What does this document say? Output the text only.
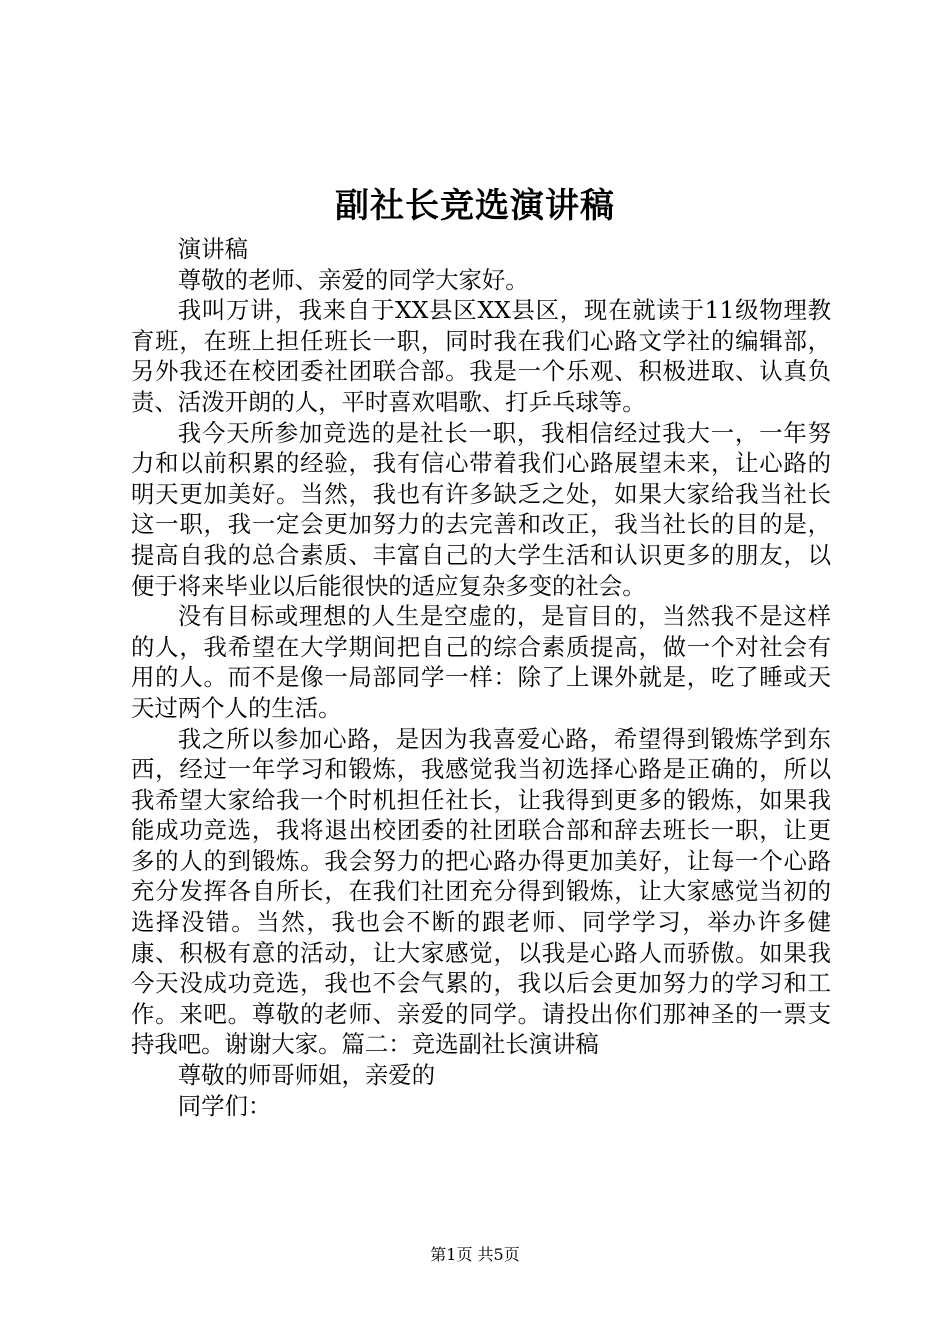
副社长竞选演讲稿

演讲稿

尊敬的老师、亲爱的同学大家好。

我叫万讲，我来自于XX县区XX县区，现在就读于11级物理教育班，在班上担任班长一职，同时我在我们心路文学社的编辑部，另外我还在校团委社团联合部。我是一个乐观、积极进取、认真负责、活泼开朗的人，平时喜欢唱歌、打乒乓球等。

我今天所参加竞选的是社长一职，我相信经过我大一，一年努力和以前积累的经验，我有信心带着我们心路展望未来，让心路的明天更加美好。当然，我也有许多缺乏之处，如果大家给我当社长这一职，我一定会更加努力的去完善和改正，我当社长的目的是，提高自我的总合素质、丰富自己的大学生活和认识更多的朋友，以便于将来毕业以后能很快的适应复杂多变的社会。

没有目标或理想的人生是空虚的，是盲目的，当然我不是这样的人，我希望在大学期间把自己的综合素质提高，做一个对社会有用的人。而不是像一局部同学一样：除了上课外就是，吃了睡或天天过两个人的生活。

我之所以参加心路，是因为我喜爱心路，希望得到锻炼学到东西，经过一年学习和锻炼，我感觉我当初选择心路是正确的，所以我希望大家给我一个时机担任社长，让我得到更多的锻炼，如果我能成功竞选，我将退出校团委的社团联合部和辞去班长一职，让更多的人的到锻炼。我会努力的把心路办得更加美好，让每一个心路充分发挥各自所长，在我们社团充分得到锻炼，让大家感觉当初的选择没错。当然，我也会不断的跟老师、同学学习，举办许多健康、积极有意的活动，让大家感觉，以我是心路人而骄傲。如果我今天没成功竞选，我也不会气累的，我以后会更加努力的学习和工作。来吧。尊敬的老师、亲爱的同学。请投出你们那神圣的一票支持我吧。谢谢大家。篇二：竞选副社长演讲稿

尊敬的师哥师姐，亲爱的

同学们：

第1页 共5页
